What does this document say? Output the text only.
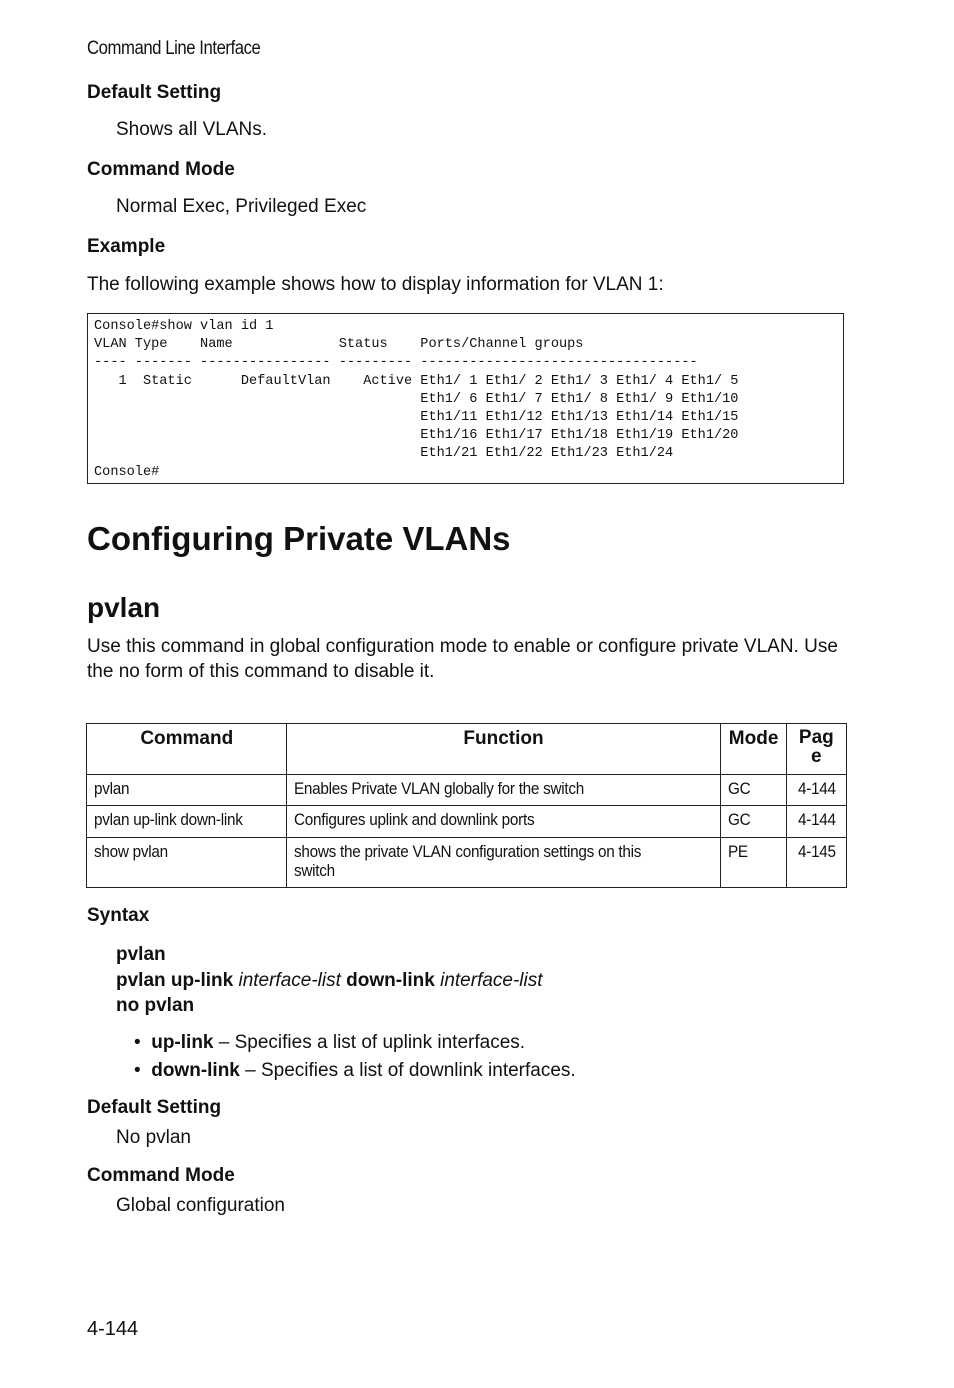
Command Line Interface
Default Setting
Shows all VLANs.
Command Mode
Normal Exec, Privileged Exec
Example
The following example shows how to display information for VLAN 1:
Console#show vlan id 1
VLAN Type    Name             Status    Ports/Channel groups
---- ------- ---------------- --------- ----------------------------------
1  Static      DefaultVlan    Active Eth1/ 1 Eth1/ 2 Eth1/ 3 Eth1/ 4 Eth1/ 5
Eth1/ 6 Eth1/ 7 Eth1/ 8 Eth1/ 9 Eth1/10
Eth1/11 Eth1/12 Eth1/13 Eth1/14 Eth1/15
Eth1/16 Eth1/17 Eth1/18 Eth1/19 Eth1/20
Eth1/21 Eth1/22 Eth1/23 Eth1/24
Console#
Configuring Private VLANs
pvlan
Use this command in global configuration mode to enable or configure private VLAN. Use the no form of this command to disable it.
Command	Function	Mode	Page
pvlan	Enables Private VLAN globally for the switch	GC	4-144
pvlan up-link down-link	Configures uplink and downlink ports	GC	4-144
show pvlan	shows the private VLAN configuration settings on this switch	PE	4-145
Syntax
pvlan
pvlan up-link interface-list down-link interface-list
no pvlan
•  up-link – Specifies a list of uplink interfaces.
•  down-link – Specifies a list of downlink interfaces.
Default Setting
No pvlan
Command Mode
Global configuration
4-144
